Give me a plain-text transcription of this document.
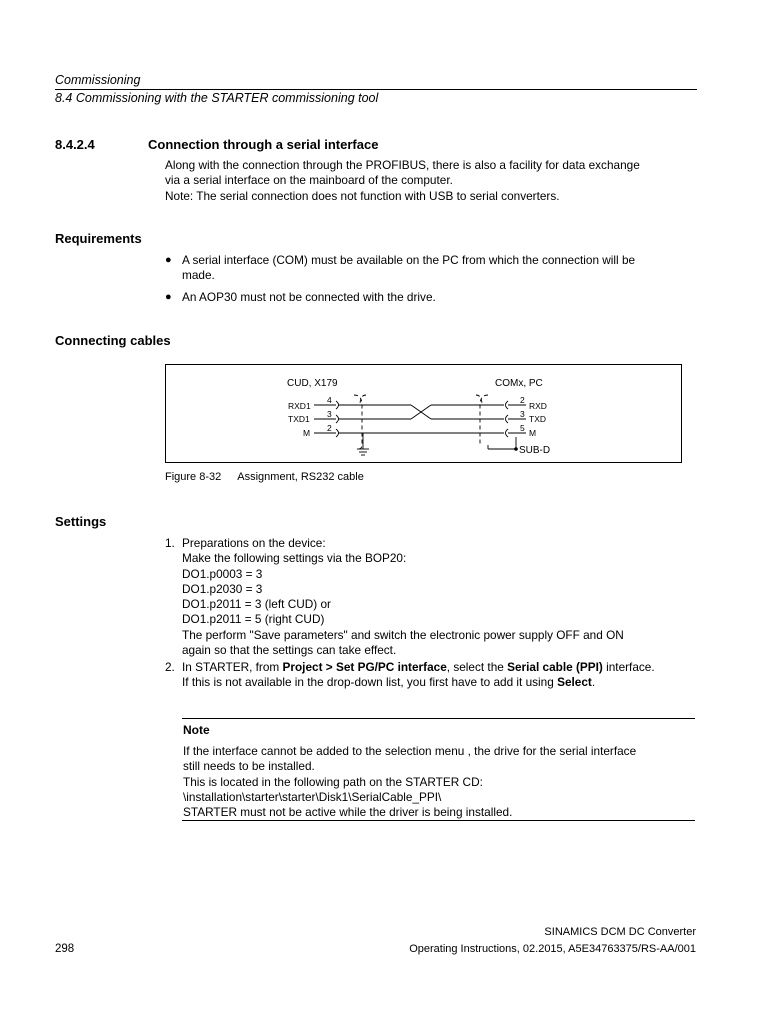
Commissioning
8.4 Commissioning with the STARTER commissioning tool
8.4.2.4	Connection through a serial interface
Along with the connection through the PROFIBUS, there is also a facility for data exchange
via a serial interface on the mainboard of the computer.
Note: The serial connection does not function with USB to serial converters.
Requirements
● A serial interface (COM) must be available on the PC from which the connection will be
made.
● An AOP30 must not be connected with the drive.
Connecting cables
CUD, X179	COMx, PC
RXD1
TXD1
M
4
3
2
2
3
5
RXD
TXD
M
SUB-D
Figure 8-32 Assignment, RS232 cable
Settings
1. Preparations on the device:
Make the following settings via the BOP20:
DO1.p0003 = 3
DO1.p2030 = 3
DO1.p2011 = 3 (left CUD) or
DO1.p2011 = 5 (right CUD)
The perform "Save parameters" and switch the electronic power supply OFF and ON
again so that the settings can take effect.
2. In STARTER, from Project > Set PG/PC interface, select the Serial cable (PPI) interface.
If this is not available in the drop-down list, you first have to add it using Select.
Note
If the interface cannot be added to the selection menu , the drive for the serial interface
still needs to be installed.
This is located in the following path on the STARTER CD:
\installation\starter\starter\Disk1\SerialCable_PPI\
STARTER must not be active while the driver is being installed.
SINAMICS DCM DC Converter
298	Operating Instructions, 02.2015, A5E34763375/RS-AA/001
